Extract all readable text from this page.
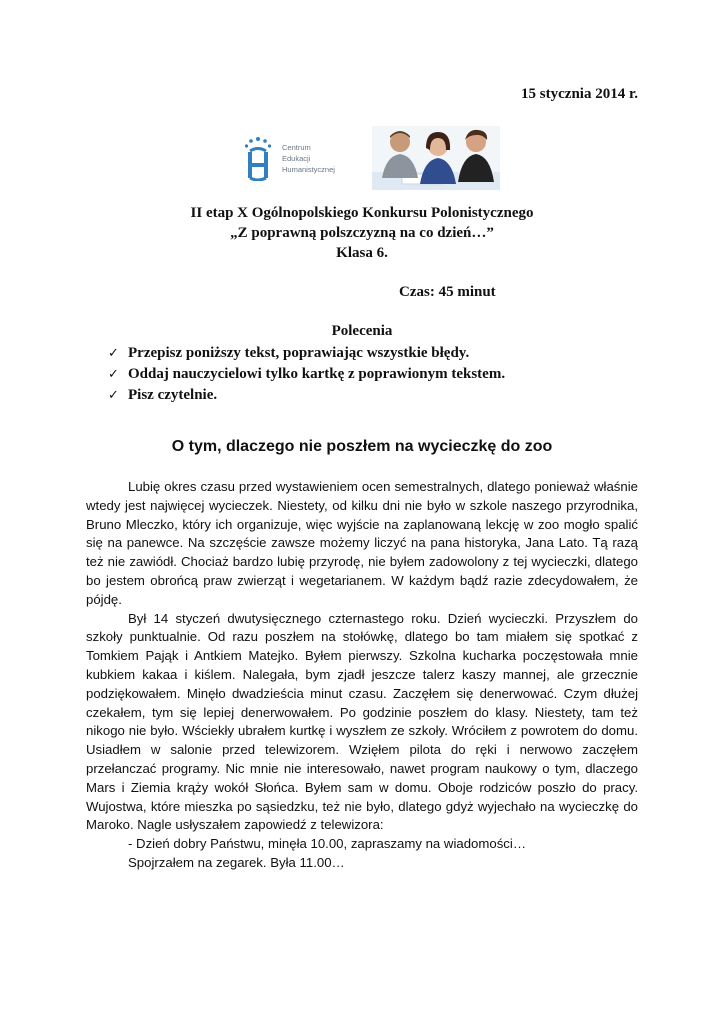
15 stycznia 2014 r.
Centrum
Edukacji
Humanistycznej
II etap X Ogólnopolskiego Konkursu Polonistycznego
„Z poprawną polszczyzną na co dzień…”
Klasa 6.
Czas: 45 minut
Polecenia
✓ Przepisz poniższy tekst, poprawiając wszystkie błędy.
✓ Oddaj nauczycielowi tylko kartkę z poprawionym tekstem.
✓ Pisz czytelnie.
O tym, dlaczego nie poszłem na wycieczkę do zoo

Lubię okres czasu przed wystawieniem ocen semestralnych, dlatego ponieważ właśnie wtedy jest najwięcej wycieczek. Niestety, od kilku dni nie było w szkole naszego przyrodnika, Bruno Mleczko, który ich organizuje, więc wyjście na zaplanowaną lekcję w zoo mogło spalić się na panewce. Na szczęście zawsze możemy liczyć na pana historyka, Jana Lato. Tą razą też nie zawiódł. Chociaż bardzo lubię przyrodę, nie byłem zadowolony z tej wycieczki, dlatego bo jestem obrońcą praw zwierząt i wegetarianem. W każdym bądź razie zdecydowałem, że pójdę.

Był 14 styczeń dwutysięcznego czternastego roku. Dzień wycieczki. Przyszłem do szkoły punktualnie. Od razu poszłem na stołówkę, dlatego bo tam miałem się spotkać z Tomkiem Pająk i Antkiem Matejko. Byłem pierwszy. Szkolna kucharka poczęstowała mnie kubkiem kakaa i kiślem. Nalegała, bym zjadł jeszcze talerz kaszy mannej, ale grzecznie podziękowałem. Minęło dwadzieścia minut czasu. Zaczęłem się denerwować. Czym dłużej czekałem, tym się lepiej denerwowałem. Po godzinie poszłem do klasy. Niestety, tam też nikogo nie było. Wściekły ubrałem kurtkę i wyszłem ze szkoły. Wróciłem z powrotem do domu. Usiadłem w salonie przed telewizorem. Wzięłem pilota do ręki i nerwowo zaczęłem przełanczać programy. Nic mnie nie interesowało, nawet program naukowy o tym, dlaczego Mars i Ziemia krąży wokół Słońca. Byłem sam w domu. Oboje rodziców poszło do pracy. Wujostwa, które mieszka po sąsiedzku, też nie było, dlatego gdyż wyjechało na wycieczkę do Maroko. Nagle usłyszałem zapowiedź z telewizora:

- Dzień dobry Państwu, minęła 10.00, zapraszamy na wiadomości…

Spojrzałem na zegarek. Była 11.00…
